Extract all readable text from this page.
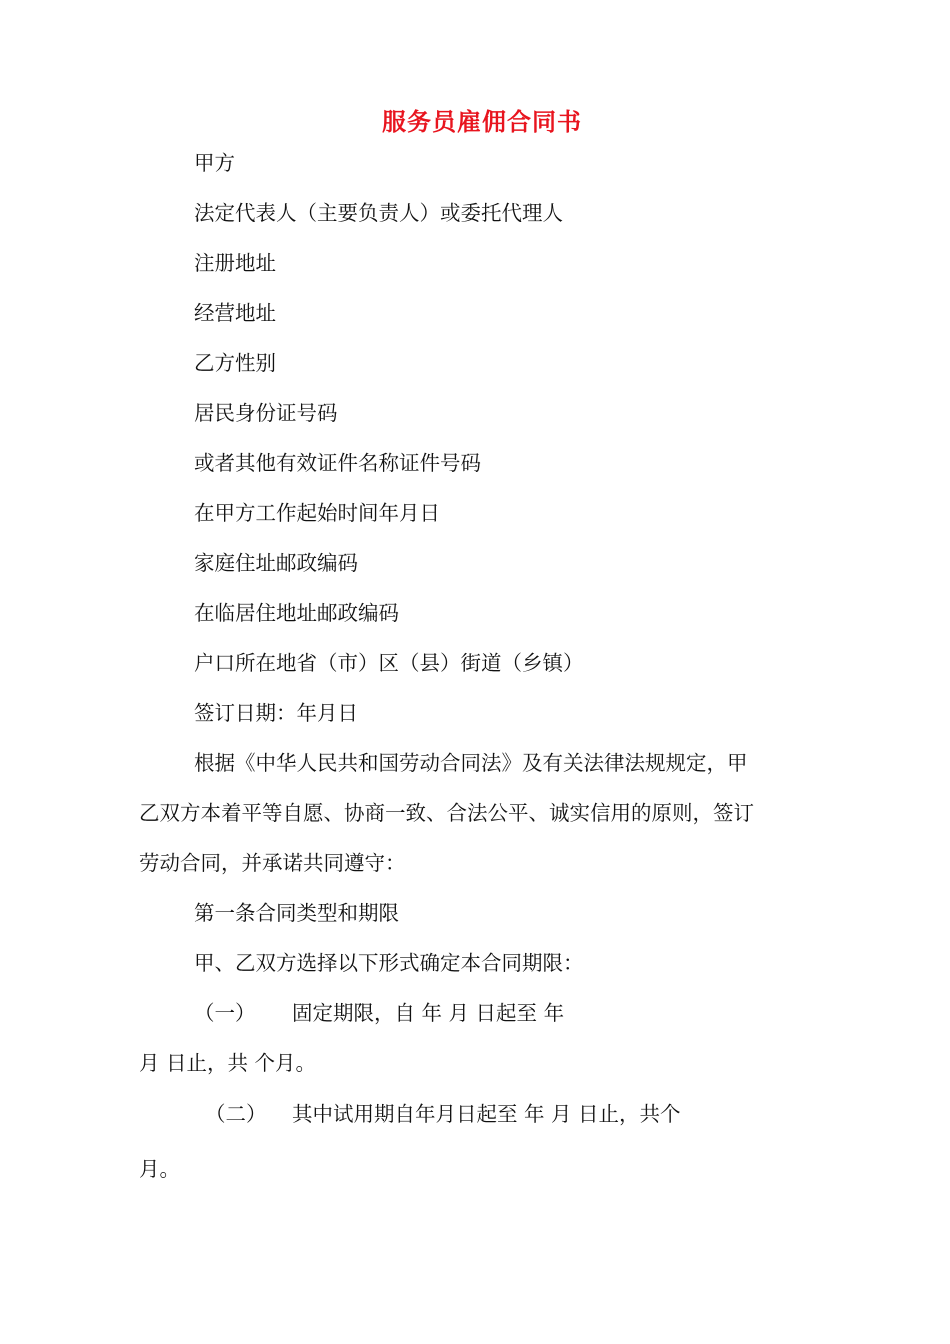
服务员雇佣合同书
甲方
法定代表人（主要负责人）或委托代理人
注册地址
经营地址
乙方性别
居民身份证号码
或者其他有效证件名称证件号码
在甲方工作起始时间年月日
家庭住址邮政编码
在临居住地址邮政编码
户口所在地省（市）区（县）街道（乡镇）
签订日期：年月日
根据《中华人民共和国劳动合同法》及有关法律法规规定，甲
乙双方本着平等自愿、协商一致、合法公平、诚实信用的原则，签订
劳动合同，并承诺共同遵守：
第一条合同类型和期限
甲、乙双方选择以下形式确定本合同期限：
（一） 固定期限，自 年 月 日起至 年
月 日止，共 个月。
（二） 其中试用期自年月日起至 年 月 日止，共个
月。
